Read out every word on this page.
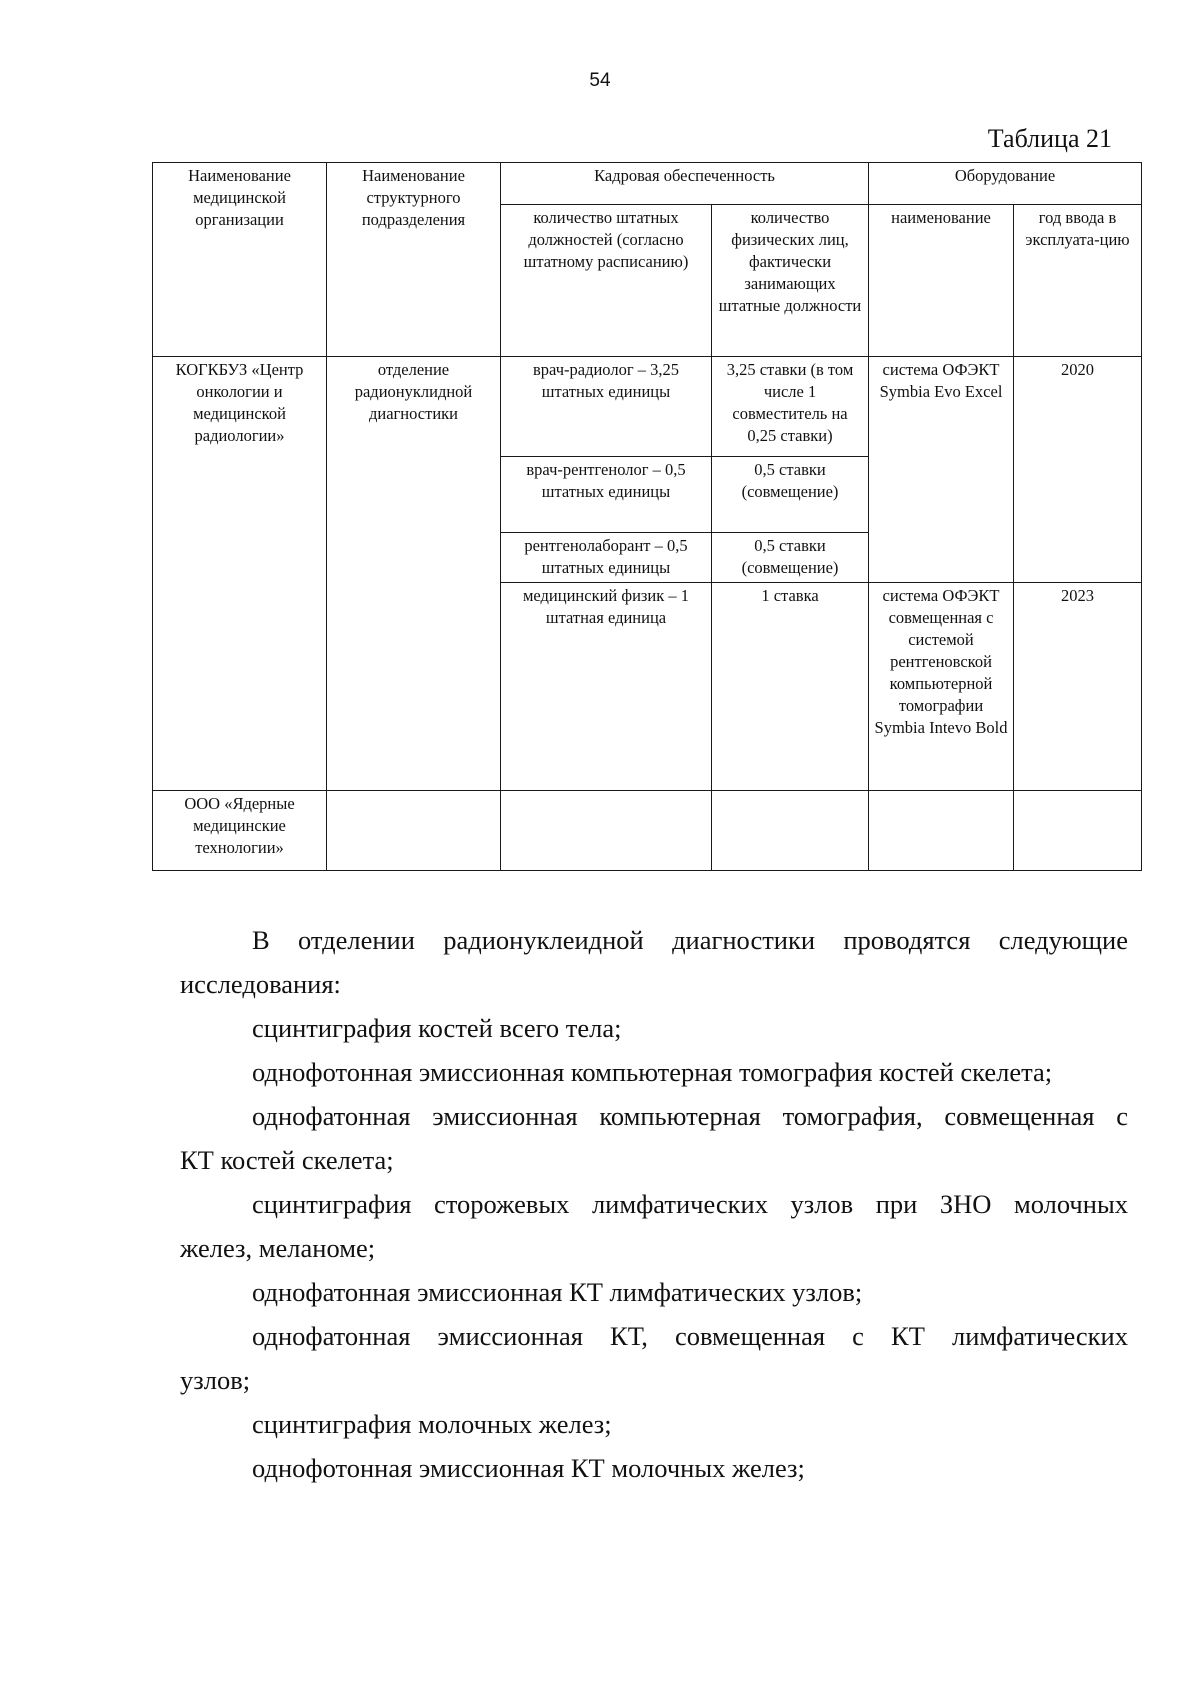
54
Таблица 21
Наименование медицинской организации	Наименование структурного подразделения	Кадровая обеспеченность		Оборудование	
		количество штатных должностей (согласно штатному расписанию)	количество физических лиц, фактически занимающих штатные должности	наименование	год ввода в эксплуата-цию
КОГКБУЗ «Центр онкологии и медицинской радиологии»	отделение радионуклидной диагностики	врач-радиолог – 3,25 штатных единицы	3,25 ставки (в том числе 1 совместитель на 0,25 ставки)	система ОФЭКТ Symbia Evo Excel	2020
		врач-рентгенолог – 0,5 штатных единицы	0,5 ставки (совмещение)		
		рентгенолаборант – 0,5 штатных единицы	0,5 ставки (совмещение)		
		медицинский физик – 1 штатная единица	1 ставка	система ОФЭКТ совмещенная с системой рентгеновской компьютерной томографии Symbia Intevo Bold	2023
ООО «Ядерные медицинские технологии»					

В отделении радионуклеидной диагностики проводятся следующие

исследования:

сцинтиграфия костей всего тела;

однофотонная эмиссионная компьютерная томография костей скелета;

однофатонная эмиссионная компьютерная томография, совмещенная с

КТ костей скелета;

сцинтиграфия сторожевых лимфатических узлов при ЗНО молочных

желез, меланоме;

однофатонная эмиссионная КТ лимфатических узлов;

однофатонная эмиссионная КТ, совмещенная с КТ лимфатических

узлов;

сцинтиграфия молочных желез;

однофотонная эмиссионная КТ молочных желез;
